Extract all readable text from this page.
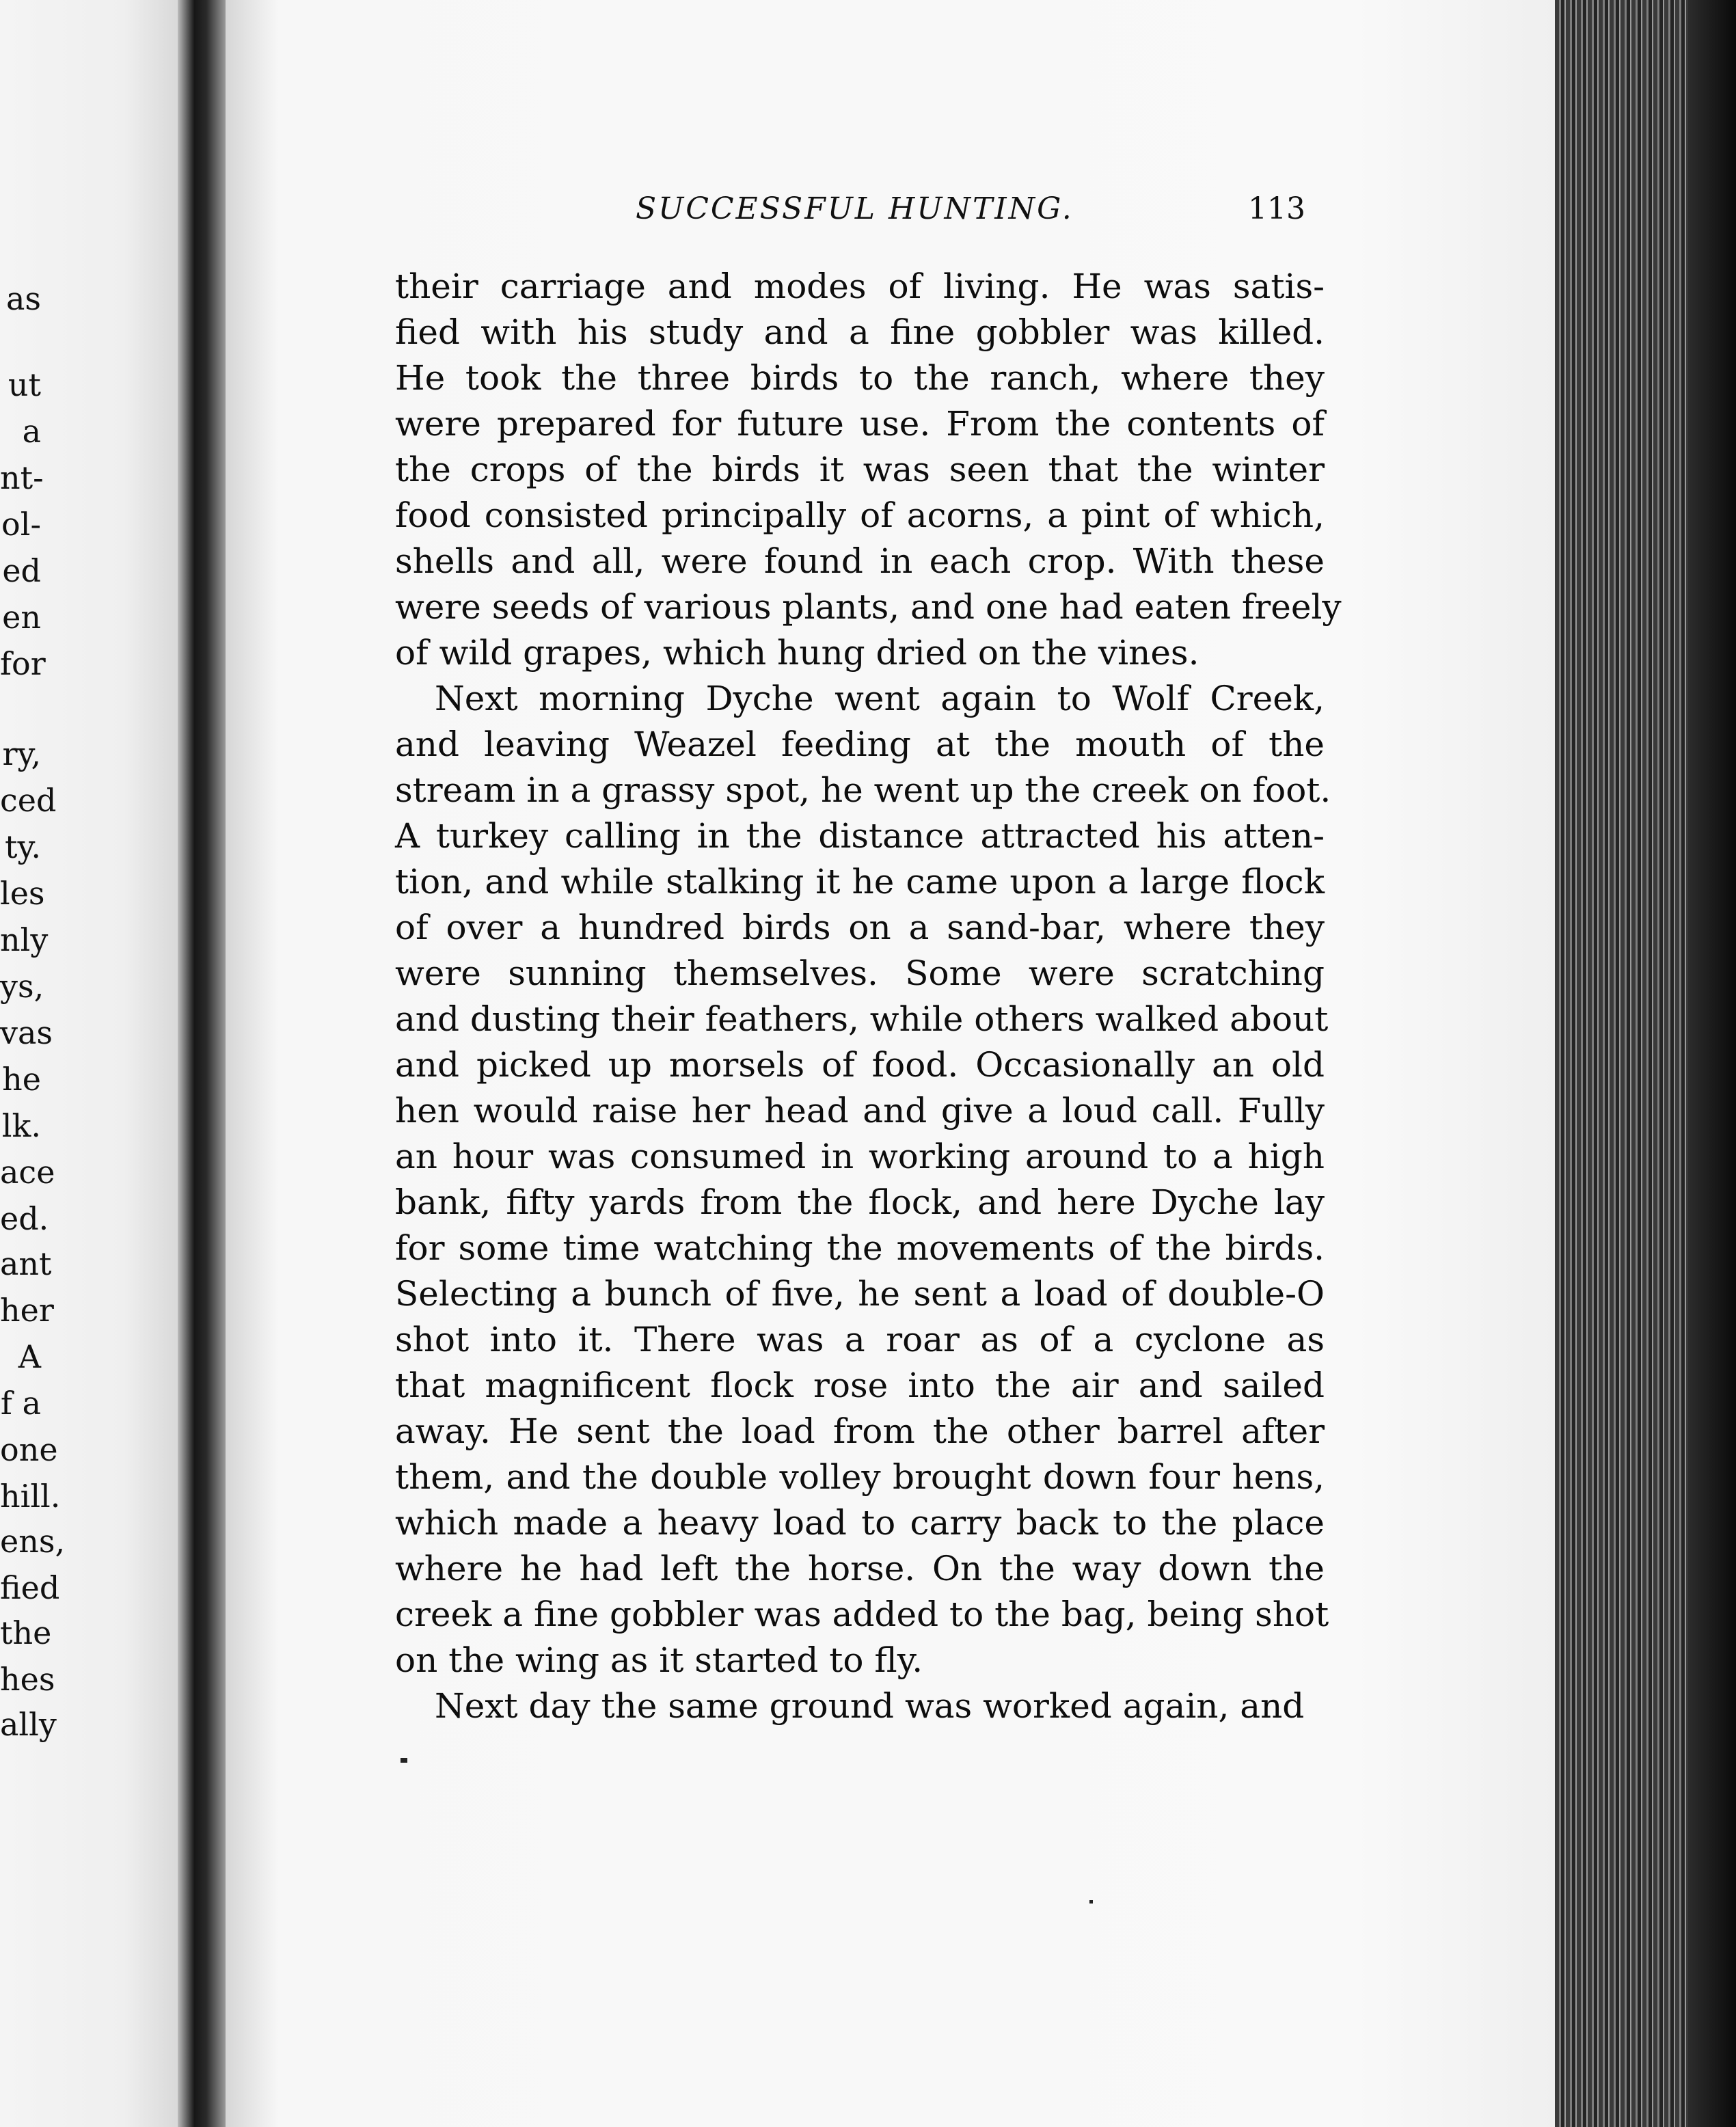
as
ut
a
nt-
ol-
ed
en
for
ry,
ced
ty.
les
nly
ys,
vas
he
lk.
ace
ed.
ant
her
A
f a
one
hill.
ens,
fied
the
hes
ally
SUCCESSFUL HUNTING.	113
their carriage and modes of living. He was satis-
fied with his study and a fine gobbler was killed.
He took the three birds to the ranch, where they
were prepared for future use. From the contents of
the crops of the birds it was seen that the winter
food consisted principally of acorns, a pint of which,
shells and all, were found in each crop. With these
were seeds of various plants, and one had eaten freely
of wild grapes, which hung dried on the vines.
Next morning Dyche went again to Wolf Creek,
and leaving Weazel feeding at the mouth of the
stream in a grassy spot, he went up the creek on foot.
A turkey calling in the distance attracted his atten-
tion, and while stalking it he came upon a large flock
of over a hundred birds on a sand-bar, where they
were sunning themselves. Some were scratching
and dusting their feathers, while others walked about
and picked up morsels of food. Occasionally an old
hen would raise her head and give a loud call. Fully
an hour was consumed in working around to a high
bank, fifty yards from the flock, and here Dyche lay
for some time watching the movements of the birds.
Selecting a bunch of five, he sent a load of double-O
shot into it. There was a roar as of a cyclone as
that magnificent flock rose into the air and sailed
away. He sent the load from the other barrel after
them, and the double volley brought down four hens,
which made a heavy load to carry back to the place
where he had left the horse. On the way down the
creek a fine gobbler was added to the bag, being shot
on the wing as it started to fly.
Next day the same ground was worked again, and
